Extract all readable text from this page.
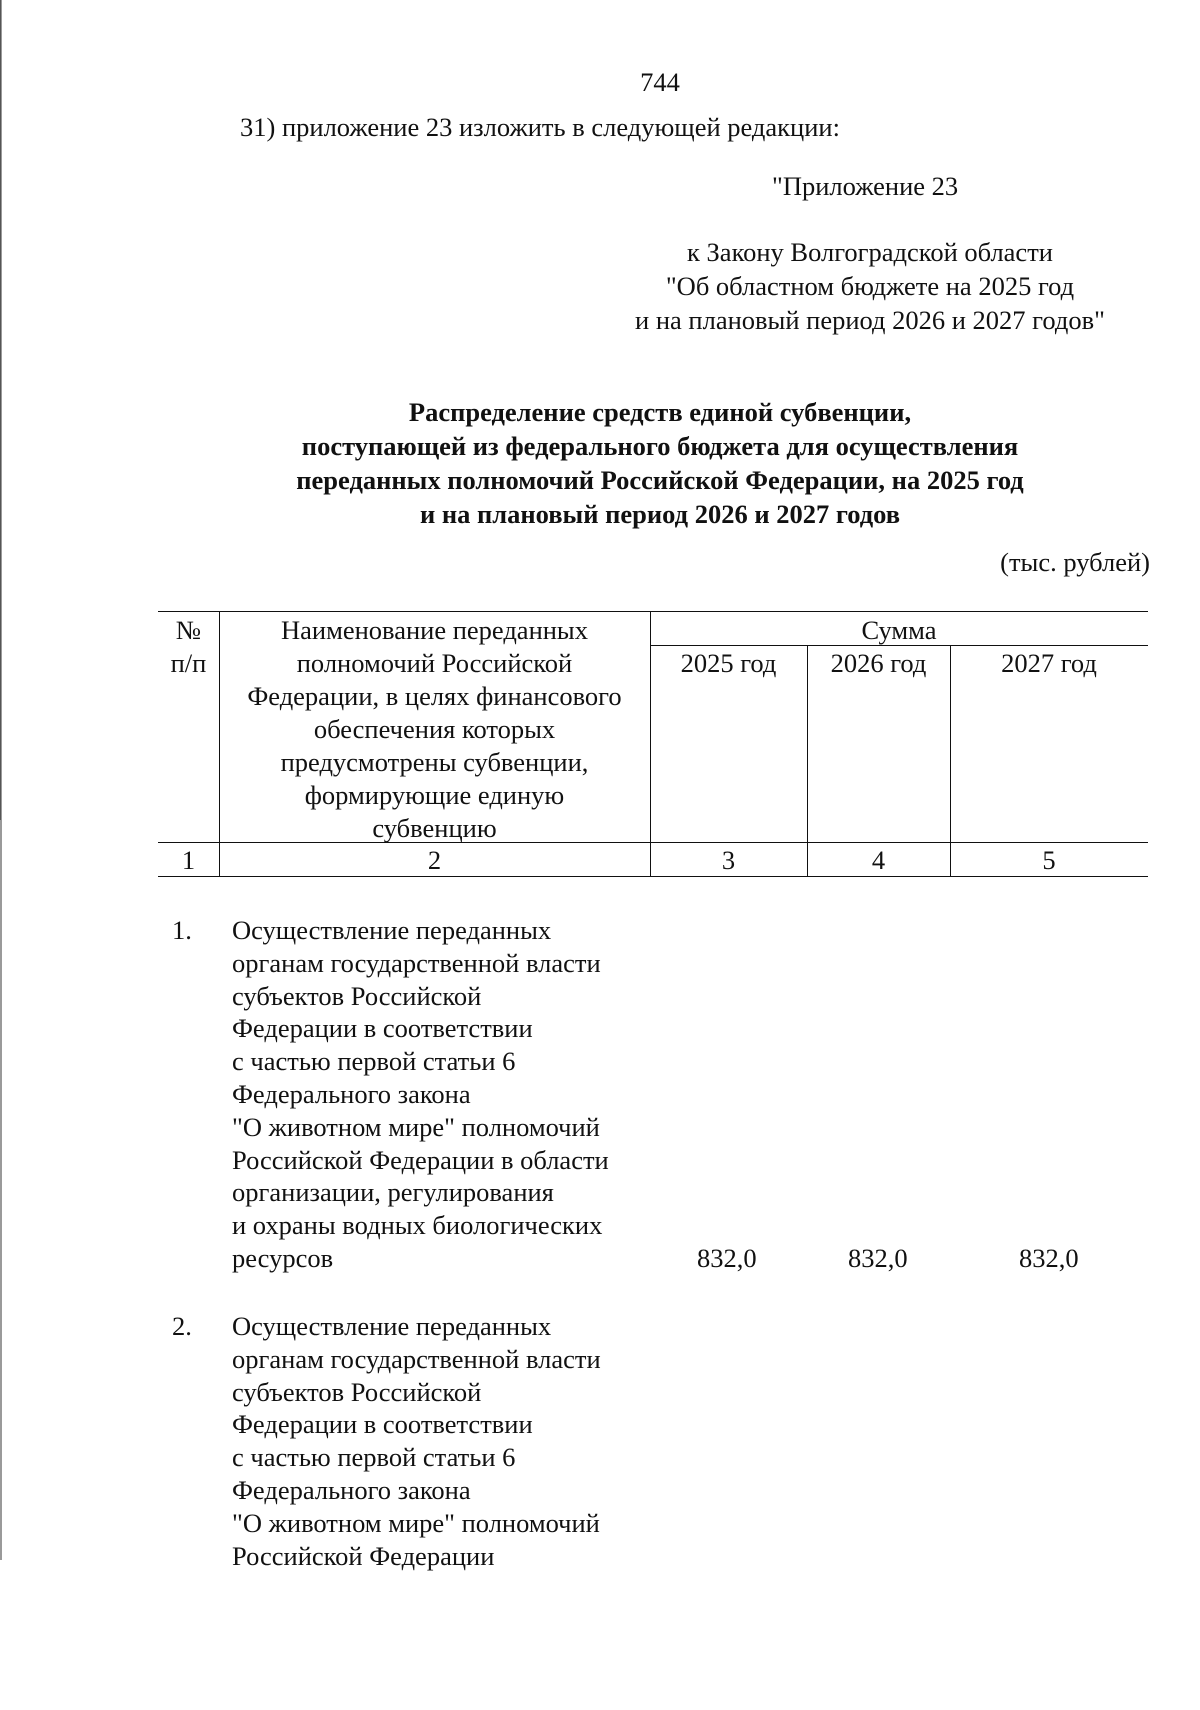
744
31) приложение 23 изложить в следующей редакции:
"Приложение 23
к Закону Волгоградской области
"Об областном бюджете на 2025 год
и на плановый период 2026 и 2027 годов"
Распределение средств единой субвенции,
поступающей из федерального бюджета для осуществления
переданных полномочий Российской Федерации, на 2025 год
и на плановый период 2026 и 2027 годов
(тыс. рублей)
№
п/п
Наименование переданных
полномочий Российской
Федерации, в целях финансового
обеспечения которых
предусмотрены субвенции,
формирующие единую
субвенцию
Сумма
2025 год	2026 год	2027 год
1	2	3	4	5
1. Осуществление переданных
органам государственной власти
субъектов Российской
Федерации в соответствии
с частью первой статьи 6
Федерального закона
"О животном мире" полномочий
Российской Федерации в области
организации, регулирования
и охраны водных биологических
ресурсов	832,0	832,0	832,0
2. Осуществление переданных
органам государственной власти
субъектов Российской
Федерации в соответствии
с частью первой статьи 6
Федерального закона
"О животном мире" полномочий
Российской Федерации
